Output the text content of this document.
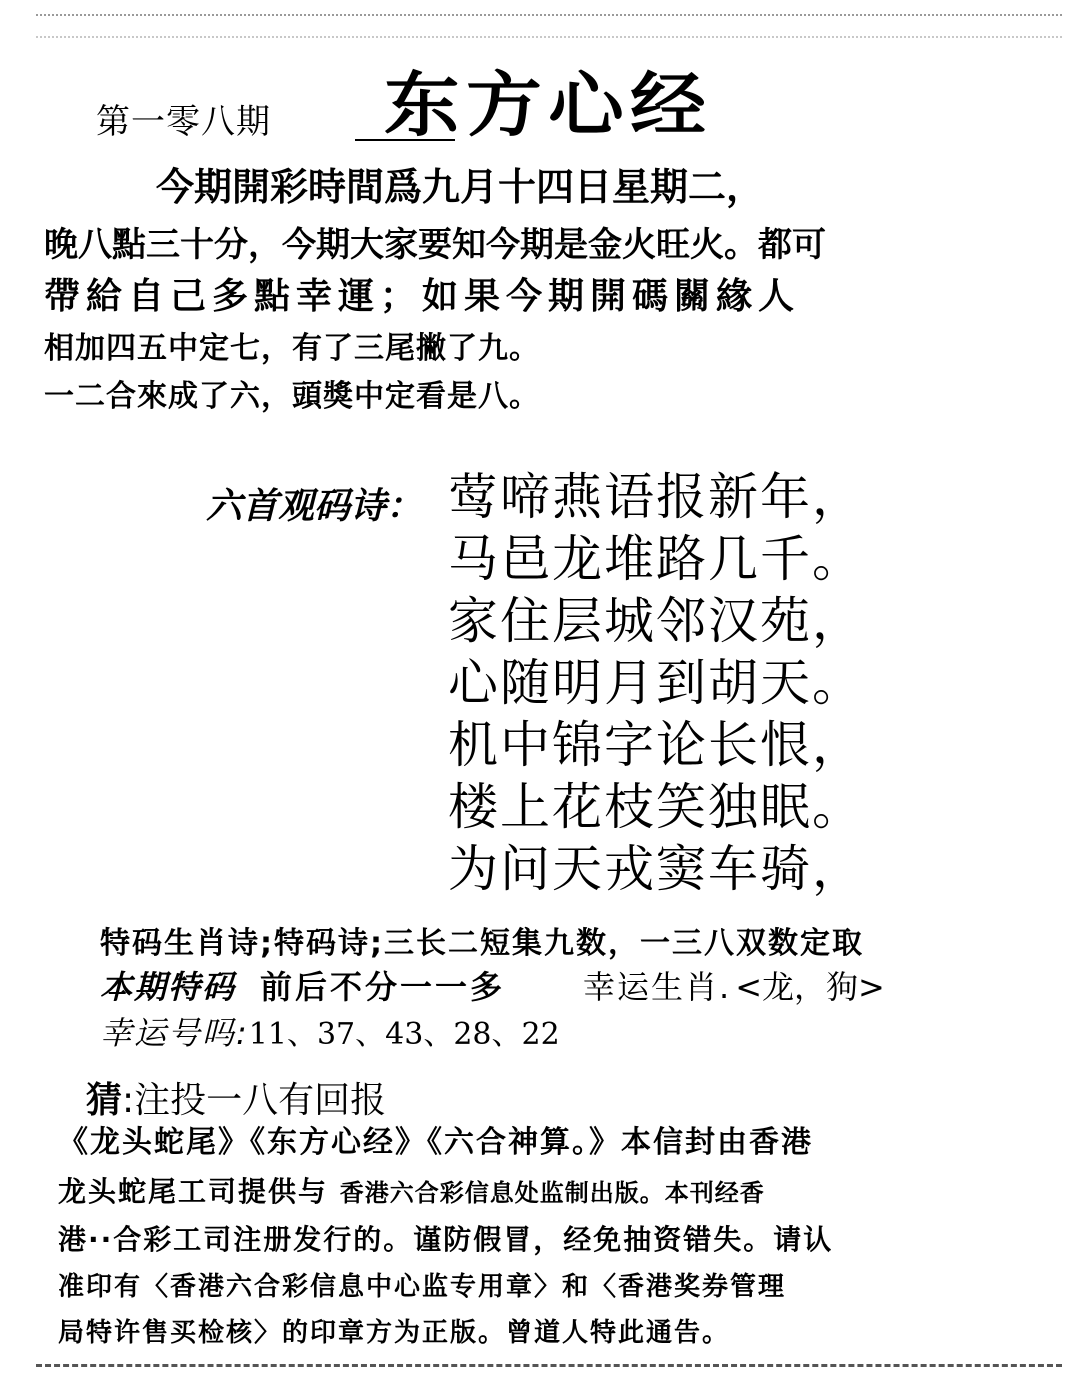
第一零八期 东方心经
今期開彩時間爲九月十四日星期二，
晚八點三十分，今期大家要知今期是金火旺火。都可
帶給自己多點幸運；如果今期開碼關緣人
相加四五中定七，有了三尾撇了九。
一二合來成了六，頭獎中定看是八。
六首观码诗： 莺啼燕语报新年，
马邑龙堆路几千。
家住层城邻汉苑，
心随明月到胡天。
机中锦字论长恨，
楼上花枝笑独眠。
为问天戎窦车骑，
特码生肖诗;特码诗;三长二短集九数，一三八双数定取
本期特码 前后不分一一多 幸运生肖. <龙，狗>
幸运号吗:11、37、43、28、22
猜:注投一八有回报
《龙头蛇尾》《东方心经》《六合神算。》本信封由香港
龙头蛇尾工司提供与 香港六合彩信息处监制出版。本刊经香
港··合彩工司注册发行的。谨防假冒，经免抽资错失。请认
准印有〈香港六合彩信息中心监专用章〉和〈香港奖券管理
局特许售买检核〉的印章方为正版。曾道人特此通告。
